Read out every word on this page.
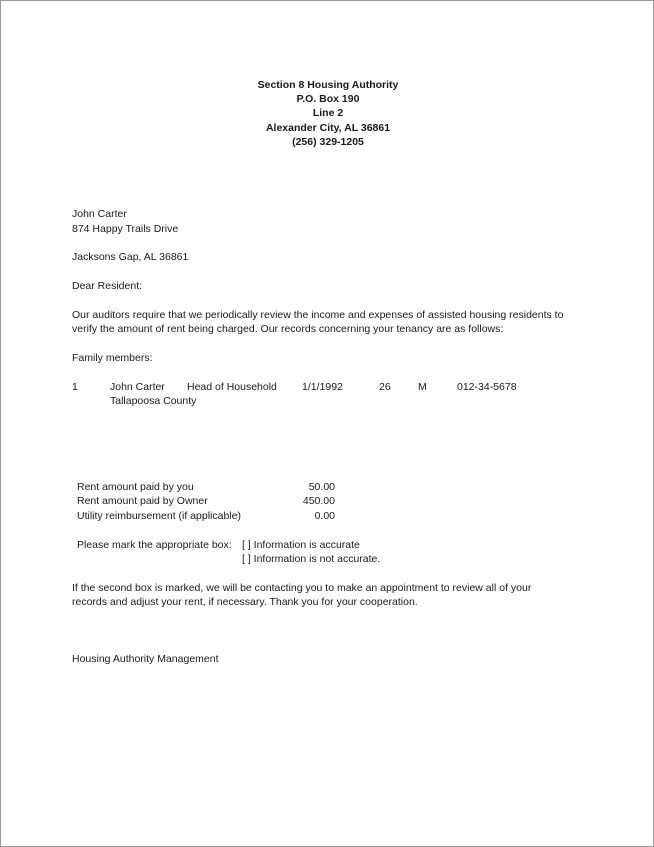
Section 8 Housing Authority
P.O. Box 190
Line 2
Alexander City, AL 36861
(256) 329-1205
John Carter
874 Happy Trails Drive
Jacksons Gap, AL 36861
Dear Resident:
Our auditors require that we periodically review the income and expenses of assisted housing residents to
verify the amount of rent being charged. Our records concerning your tenancy are as follows:
Family members:
1	John Carter Head of Household 1/1/1992	26	M	012-34-5678
Tallapoosa County
Rent amount paid by you	50.00
Rent amount paid by Owner	450.00
Utility reimbursement (if applicable)	0.00
Please mark the appropriate box: [ ] Information is accurate
[ ] Information is not accurate.
If the second box is marked, we will be contacting you to make an appointment to review all of your
records and adjust your rent, if necessary. Thank you for your cooperation.
Housing Authority Management
